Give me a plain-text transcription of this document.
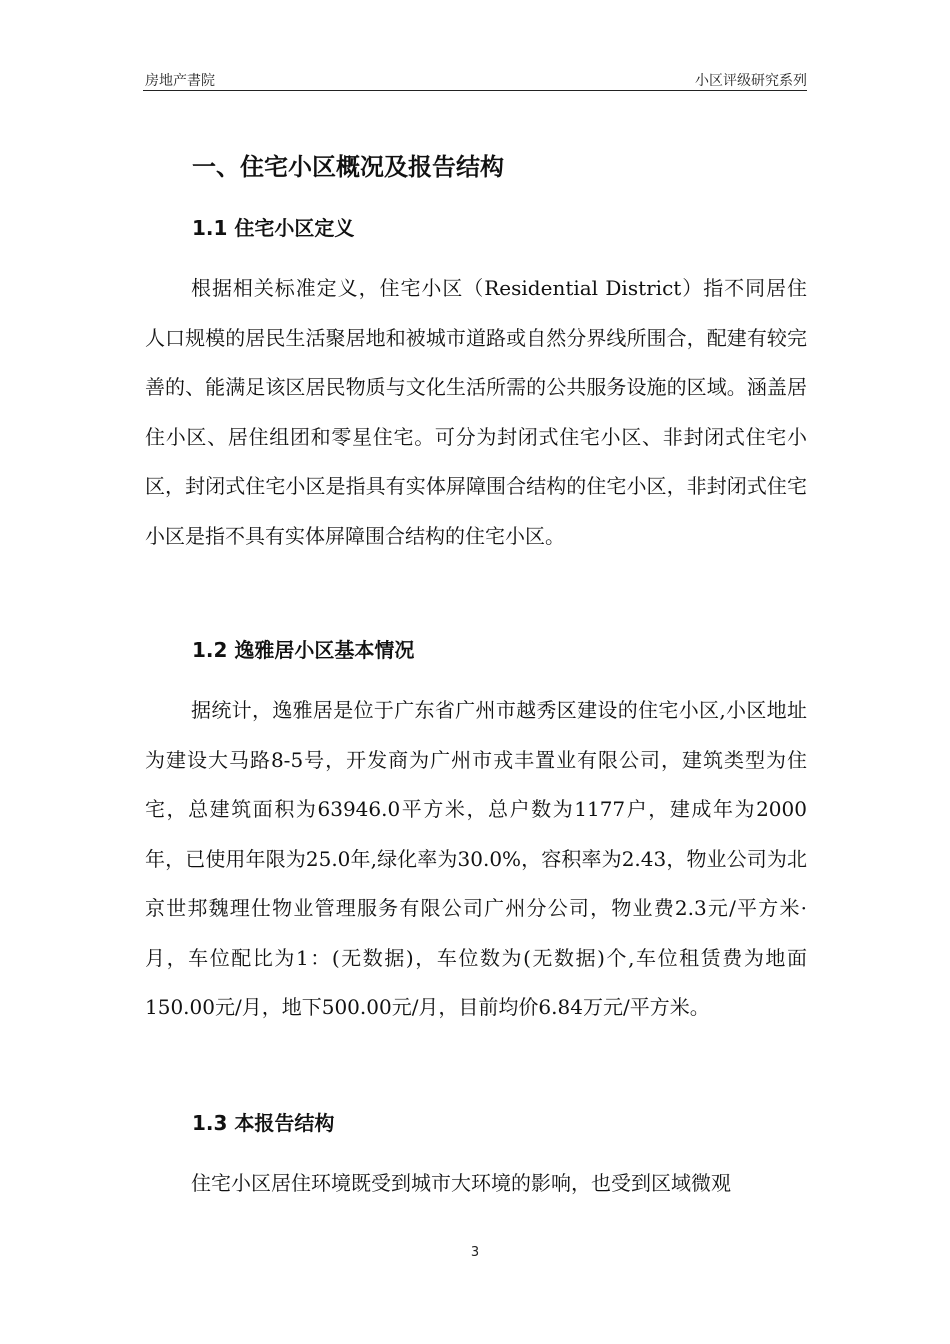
房地产書院	小区评级研究系列
一、住宅小区概况及报告结构
1.1 住宅小区定义

根据相关标准定义，住宅小区（Residential District）指不同居住人口规模的居民生活聚居地和被城市道路或自然分界线所围合，配建有较完善的、能满足该区居民物质与文化生活所需的公共服务设施的区域。涵盖居住小区、居住组团和零星住宅。可分为封闭式住宅小区、非封闭式住宅小区，封闭式住宅小区是指具有实体屏障围合结构的住宅小区，非封闭式住宅小区是指不具有实体屏障围合结构的住宅小区。

1.2 逸雅居小区基本情况

据统计，逸雅居是位于广东省广州市越秀区建设的住宅小区,小区地址为建设大马路8-5号，开发商为广州市戎丰置业有限公司，建筑类型为住宅，总建筑面积为63946.0平方米，总户数为1177户，建成年为2000年，已使用年限为25.0年,绿化率为30.0%，容积率为2.43，物业公司为北京世邦魏理仕物业管理服务有限公司广州分公司，物业费2.3元/平方米·月，车位配比为1：(无数据)，车位数为(无数据)个,车位租赁费为地面150.00元/月，地下500.00元/月，目前均价6.84万元/平方米。

1.3 本报告结构

住宅小区居住环境既受到城市大环境的影响，也受到区域微观

3
